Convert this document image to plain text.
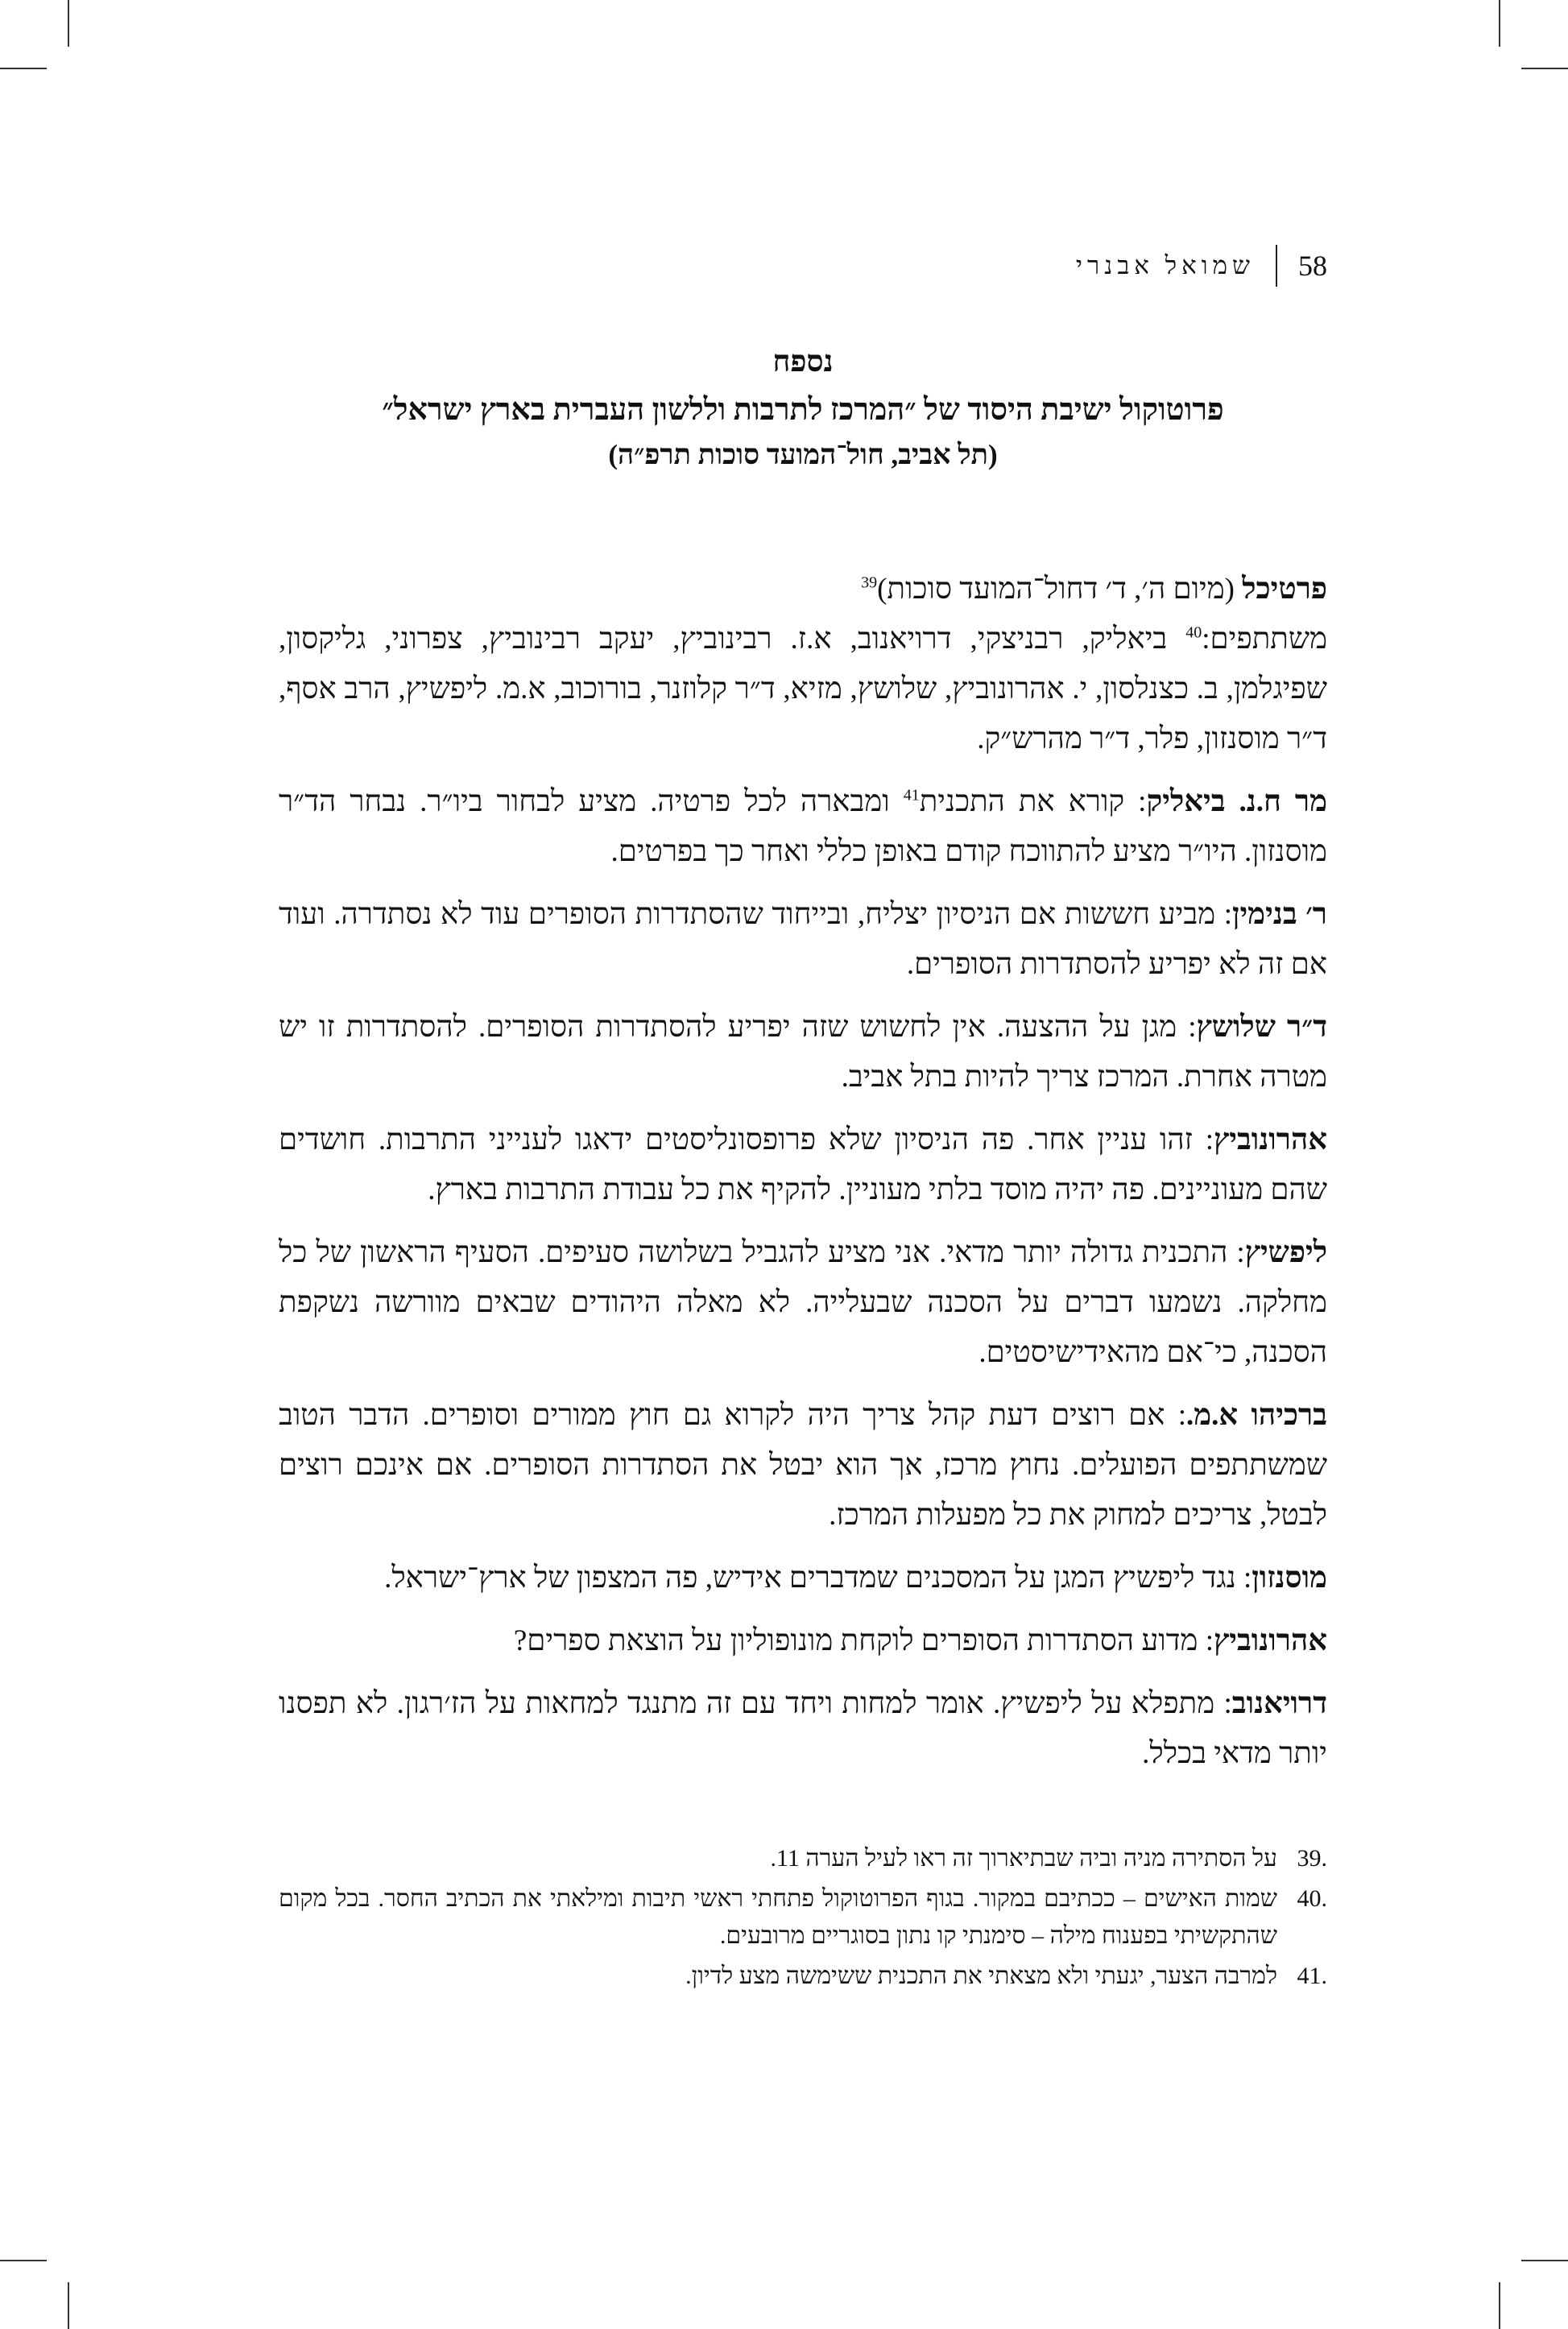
58
שמואל אבנרי
נספח
פרוטוקול ישיבת היסוד של ״המרכז לתרבות וללשון העברית בארץ ישראל״
(תל אביב, חול־המועד סוכות תרפ״ה)

פרטיכל (מיום ה׳, ד׳ דחול־המועד סוכות)$^{39}$

משתתפים:$^{40}$ ביאליק, רבניצקי, דרויאנוב, א.ז. רבינוביץ, יעקב רבינוביץ, צפרוני, גליקסון, שפיגלמן, ב. כצנלסון, י. אהרונוביץ, שלושץ, מזיא, ד״ר קלוזנר, בורוכוב, א.מ. ליפשיץ, הרב אסף, ד״ר מוסנזון, פלר, ד״ר מהרש״ק.

מר ח.נ. ביאליק: קורא את התכנית$^{41}$ ומבארה לכל פרטיה. מציע לבחור ביו״ר. נבחר הד״ר מוסנזון. היו״ר מציע להתווכח קודם באופן כללי ואחר כך בפרטים.

ר׳ בנימין: מביע חששות אם הניסיון יצליח, ובייחוד שהסתדרות הסופרים עוד לא נסתדרה. ועוד אם זה לא יפריע להסתדרות הסופרים.

ד״ר שלושץ: מגן על ההצעה. אין לחשוש שזה יפריע להסתדרות הסופרים. להסתדרות זו יש מטרה אחרת. המרכז צריך להיות בתל אביב.

אהרונוביץ: זהו עניין אחר. פה הניסיון שלא פרופסונליסטים ידאגו לענייני התרבות. חושדים שהם מעוניינים. פה יהיה מוסד בלתי מעוניין. להקיף את כל עבודת התרבות בארץ.

ליפשיץ: התכנית גדולה יותר מדאי. אני מציע להגביל בשלושה סעיפים. הסעיף הראשון של כל מחלקה. נשמעו דברים על הסכנה שבעלייה. לא מאלה היהודים שבאים מוורשה נשקפת הסכנה, כי־אם מהאידישיסטים.

ברכיהו א.מ.: אם רוצים דעת קהל צריך היה לקרוא גם חוץ ממורים וסופרים. הדבר הטוב שמשתתפים הפועלים. נחוץ מרכז, אך הוא יבטל את הסתדרות הסופרים. אם אינכם רוצים לבטל, צריכים למחוק את כל מפעלות המרכז.

מוסנזון: נגד ליפשיץ המגן על המסכנים שמדברים אידיש, פה המצפון של ארץ־ישראל.

אהרונוביץ: מדוע הסתדרות הסופרים לוקחת מונופוליון על הוצאת ספרים?

דרויאנוב: מתפלא על ליפשיץ. אומר למחות ויחד עם זה מתנגד למחאות על הז׳רגון. לא תפסנו יותר מדאי בכלל.

.39
על הסתירה מניה וביה שבתיארוך זה ראו לעיל הערה 11.
.40
שמות האישים – ככתיבם במקור. בגוף הפרוטוקול פתחתי ראשי תיבות ומילאתי את הכתיב החסר. בכל מקום שהתקשיתי בפענוח מילה – סימנתי קו נתון בסוגריים מרובעים.
.41
למרבה הצער, יגעתי ולא מצאתי את התכנית ששימשה מצע לדיון.
